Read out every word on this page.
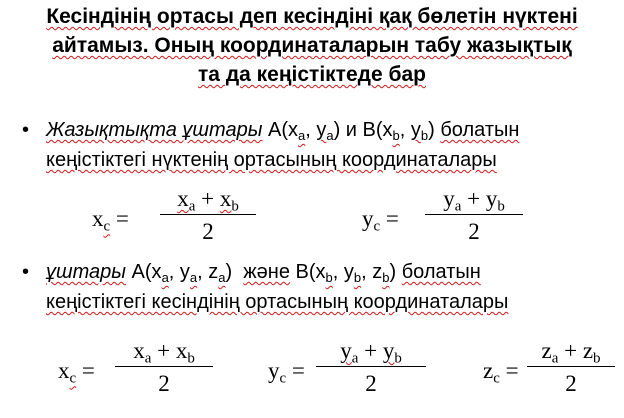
Кесіндінің ортасы деп кесіндіні қақ бөлетін нүктені
айтамыз. Оның координаталарын табу жазықтық
та да кеңістіктеде бар
• Жазықтықта ұштары $A(x_a$, $y_a$) и $B(x_b$, $y_b$) болатын
кеңістіктегі нүктенің ортасының координаталары
$x_c$ =
$x_a + x_b$
2
$y_c$ =
$y_a + y_b$
2
• ұштары $A(x_a$, $y_a$, $z_a$)  және $B(x_b$, $y_b$, $z_b$) болатын
кеңістіктегі кесіндінің ортасының координаталары
$x_c$ =
$x_a + x_b$
2
$y_c$ =
$y_a + y_b$
2
$z_c$ =
$z_a + z_b$
2
